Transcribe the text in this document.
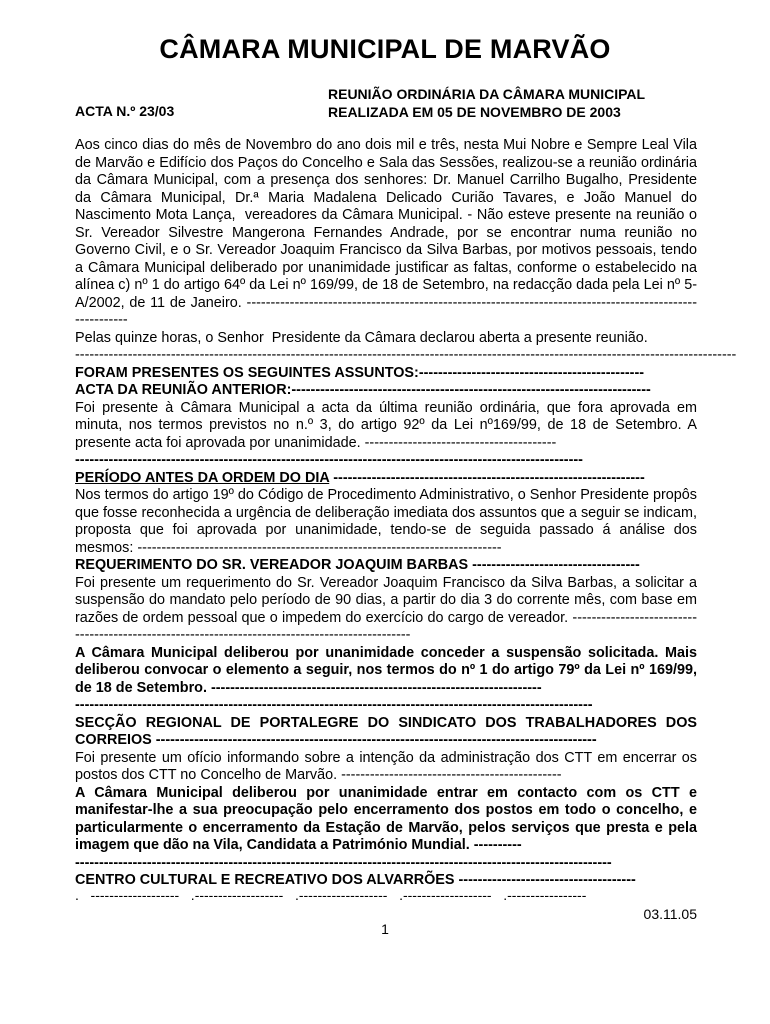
CÂMARA MUNICIPAL DE MARVÃO
REUNIÃO ORDINÁRIA DA CÂMARA MUNICIPAL
REALIZADA EM 05 DE NOVEMBRO DE 2003
ACTA N.º 23/03

Aos cinco dias do mês de Novembro do ano dois mil e três, nesta Mui Nobre e Sempre Leal Vila de Marvão e Edifício dos Paços do Concelho e Sala das Sessões, realizou-se a reunião ordinária da Câmara Municipal, com a presença dos senhores: Dr. Manuel Carrilho Bugalho, Presidente da Câmara Municipal, Dr.ª Maria Madalena Delicado Curião Tavares, e João Manuel do Nascimento Mota Lança,  vereadores da Câmara Municipal. - Não esteve presente na reunião o Sr. Vereador Silvestre Mangerona Fernandes Andrade, por se encontrar numa reunião no Governo Civil, e o Sr. Vereador Joaquim Francisco da Silva Barbas, por motivos pessoais, tendo a Câmara Municipal deliberado por unanimidade justificar as faltas, conforme o estabelecido na alínea c) nº 1 do artigo 64º da Lei nº 169/99, de 18 de Setembro, na redacção dada pela Lei nº 5-A/2002, de 11 de Janeiro. ---------------------------------------------------------------------------------------------------------

Pelas quinze horas, o Senhor  Presidente da Câmara declarou aberta a presente reunião.

------------------------------------------------------------------------------------------------------------------------------------------

FORAM PRESENTES OS SEGUINTES ASSUNTOS:-----------------------------------------------

ACTA DA REUNIÃO ANTERIOR:---------------------------------------------------------------------------

Foi presente à Câmara Municipal a acta da última reunião ordinária, que fora aprovada em minuta, nos termos previstos no n.º 3, do artigo 92º da Lei nº169/99, de 18 de Setembro. A presente acta foi aprovada por unanimidade. ----------------------------------------

----------------------------------------------------------------------------------------------------------

PERÍODO ANTES DA ORDEM DO DIA -----------------------------------------------------------------

Nos termos do artigo 19º do Código de Procedimento Administrativo, o Senhor Presidente propôs que fosse reconhecida a urgência de deliberação imediata dos assuntos que a seguir se indicam, proposta que foi aprovada por unanimidade, tendo-se de seguida passado á análise dos mesmos: ----------------------------------------------------------------------------

REQUERIMENTO DO SR. VEREADOR JOAQUIM BARBAS -----------------------------------

Foi presente um requerimento do Sr. Vereador Joaquim Francisco da Silva Barbas, a solicitar a suspensão do mandato pelo período de 90 dias, a partir do dia 3 do corrente mês, com base em razões de ordem pessoal que o impedem do exercício do cargo de vereador. ------------------------------------------------------------------------------------------------

A Câmara Municipal deliberou por unanimidade conceder a suspensão solicitada. Mais deliberou convocar o elemento a seguir, nos termos do nº 1 do artigo 79º da Lei nº 169/99, de 18 de Setembro. ---------------------------------------------------------------------

------------------------------------------------------------------------------------------------------------

SECÇÃO REGIONAL DE PORTALEGRE DO SINDICATO DOS TRABALHADORES DOS CORREIOS --------------------------------------------------------------------------------------------

Foi presente um ofício informando sobre a intenção da administração dos CTT em encerrar os postos dos CTT no Concelho de Marvão. ----------------------------------------------

A Câmara Municipal deliberou por unanimidade entrar em contacto com os CTT e manifestar-lhe a sua preocupação pelo encerramento dos postos em todo o concelho, e particularmente o encerramento da Estação de Marvão, pelos serviços que presta e pela imagem que dão na Vila, Candidata a Património Mundial. ----------

----------------------------------------------------------------------------------------------------------------

CENTRO CULTURAL E RECREATIVO DOS ALVARRÕES -------------------------------------

.   -------------------   .-------------------   .-------------------   .-------------------   .-----------------
03.11.05
1
